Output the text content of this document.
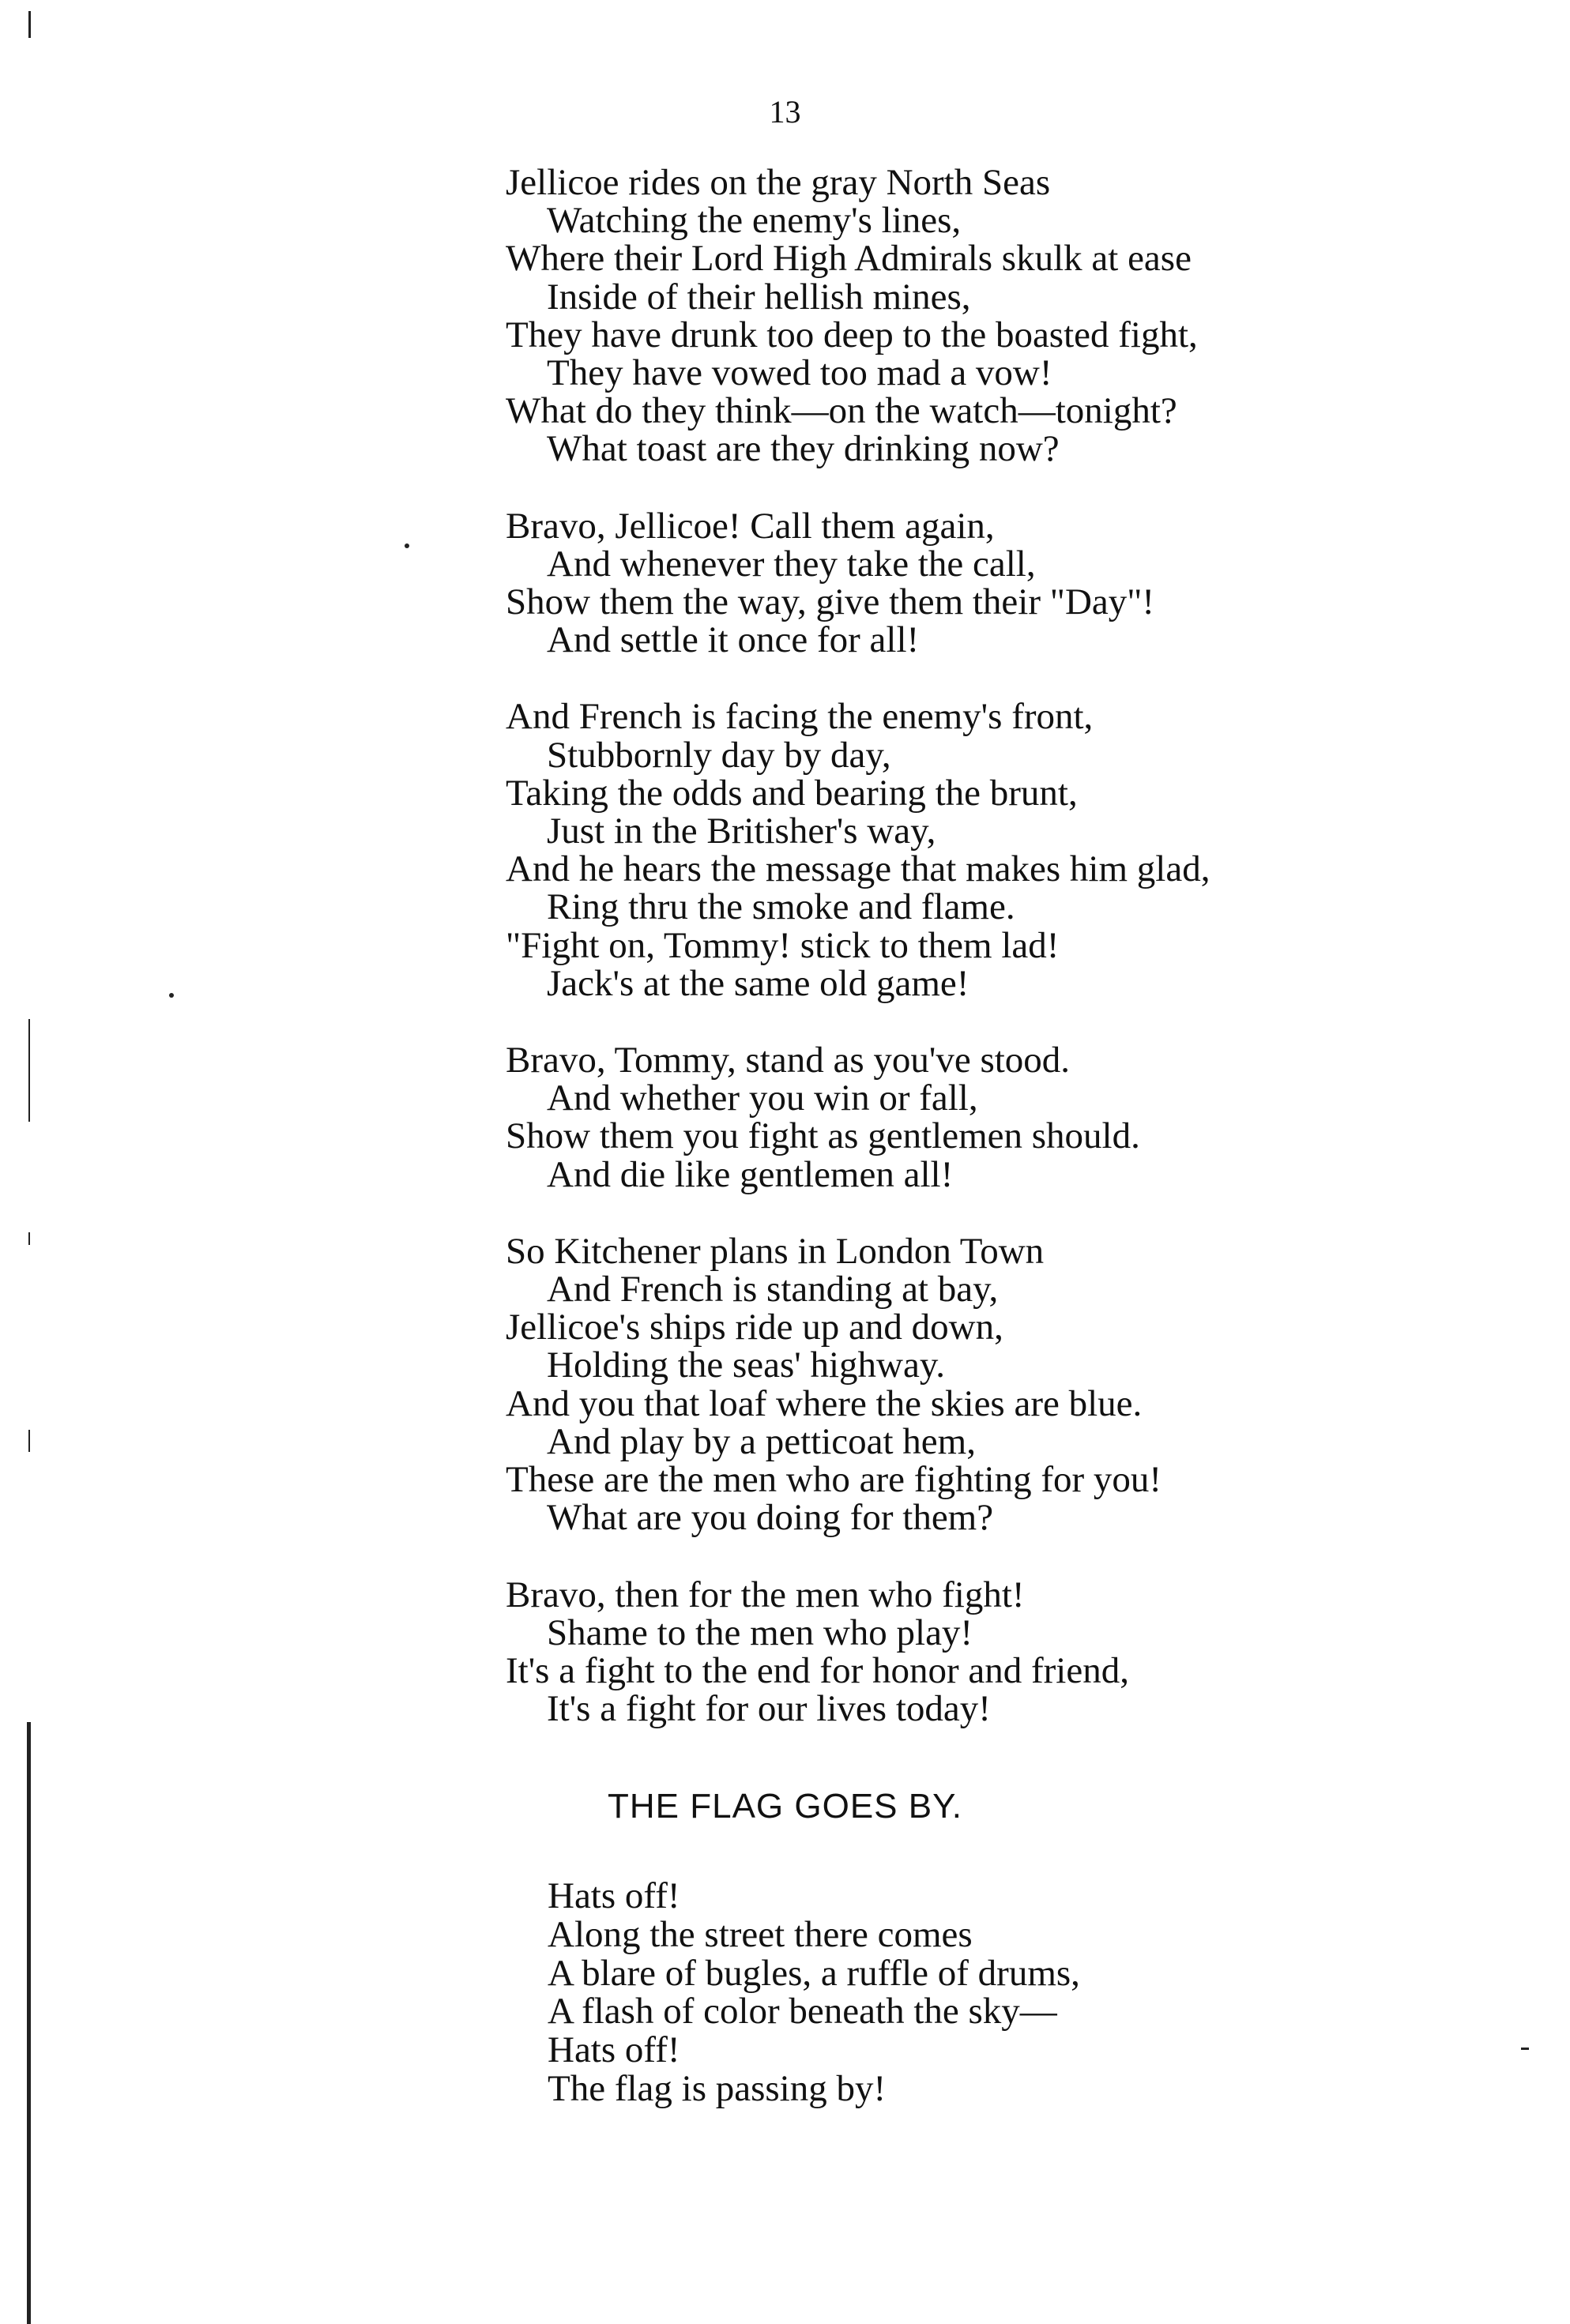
13
Jellicoe rides on the gray North Seas
Watching the enemy's lines,
Where their Lord High Admirals skulk at ease
Inside of their hellish mines,
They have drunk too deep to the boasted fight,
They have vowed too mad a vow!
What do they think—on the watch—tonight?
What toast are they drinking now?
Bravo, Jellicoe! Call them again,
And whenever they take the call,
Show them the way, give them their "Day"!
And settle it once for all!
And French is facing the enemy's front,
Stubbornly day by day,
Taking the odds and bearing the brunt,
Just in the Britisher's way,
And he hears the message that makes him glad,
Ring thru the smoke and flame.
"Fight on, Tommy! stick to them lad!
Jack's at the same old game!
Bravo, Tommy, stand as you've stood.
And whether you win or fall,
Show them you fight as gentlemen should.
And die like gentlemen all!
So Kitchener plans in London Town
And French is standing at bay,
Jellicoe's ships ride up and down,
Holding the seas' highway.
And you that loaf where the skies are blue.
And play by a petticoat hem,
These are the men who are fighting for you!
What are you doing for them?
Bravo, then for the men who fight!
Shame to the men who play!
It's a fight to the end for honor and friend,
It's a fight for our lives today!
THE FLAG GOES BY.
Hats off!
Along the street there comes
A blare of bugles, a ruffle of drums,
A flash of color beneath the sky—
Hats off!
The flag is passing by!
